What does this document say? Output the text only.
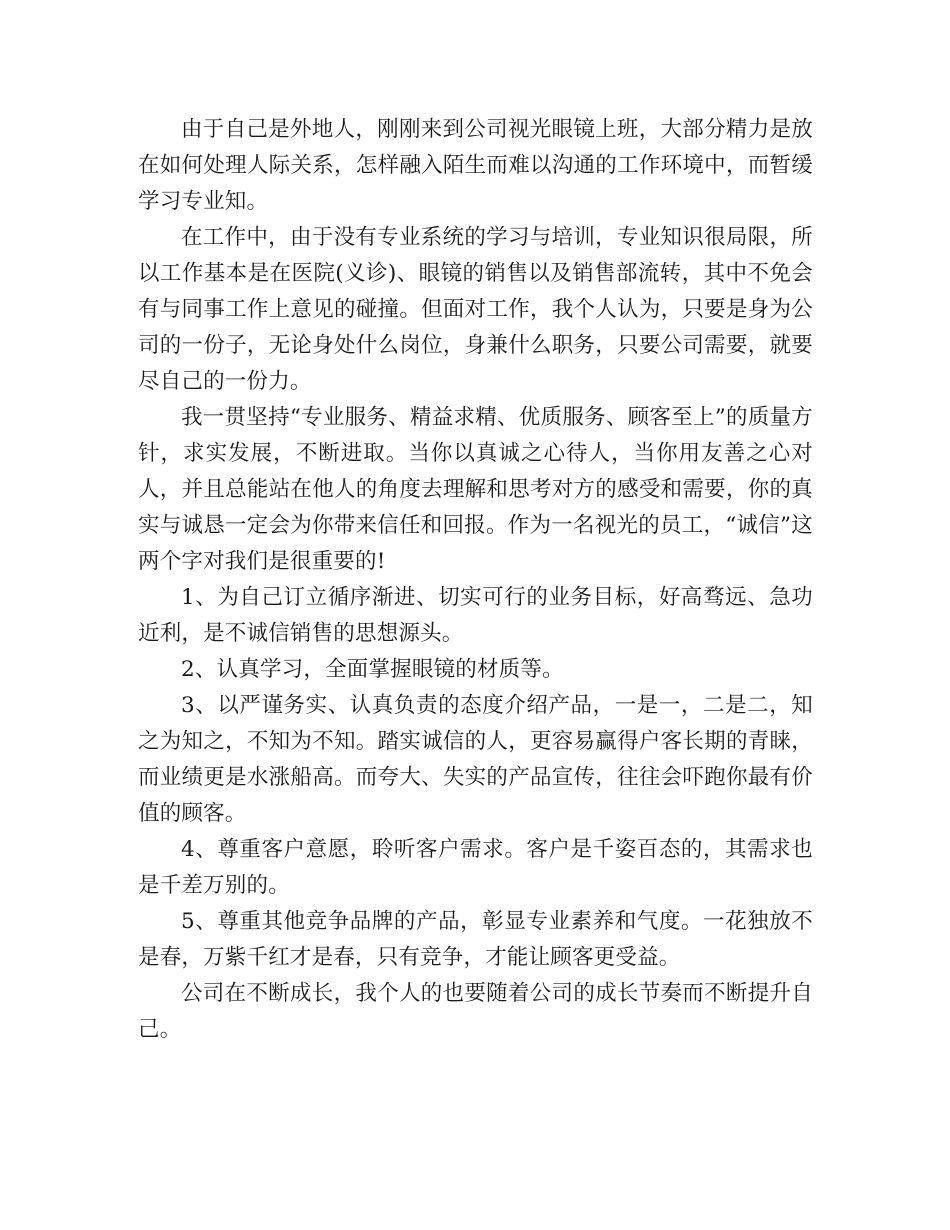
由于自己是外地人，刚刚来到公司视光眼镜上班，大部分精力是放在如何处理人际关系，怎样融入陌生而难以沟通的工作环境中，而暂缓学习专业知。

在工作中，由于没有专业系统的学习与培训，专业知识很局限，所以工作基本是在医院(义诊)、眼镜的销售以及销售部流转，其中不免会有与同事工作上意见的碰撞。但面对工作，我个人认为，只要是身为公司的一份子，无论身处什么岗位，身兼什么职务，只要公司需要，就要尽自己的一份力。

我一贯坚持“专业服务、精益求精、优质服务、顾客至上”的质量方针，求实发展，不断进取。当你以真诚之心待人，当你用友善之心对人，并且总能站在他人的角度去理解和思考对方的感受和需要，你的真实与诚恳一定会为你带来信任和回报。作为一名视光的员工，“诚信”这两个字对我们是很重要的!

1、为自己订立循序渐进、切实可行的业务目标，好高骛远、急功近利，是不诚信销售的思想源头。

2、认真学习，全面掌握眼镜的材质等。

3、以严谨务实、认真负责的态度介绍产品，一是一，二是二，知之为知之，不知为不知。踏实诚信的人，更容易赢得户客长期的青睐，而业绩更是水涨船高。而夸大、失实的产品宣传，往往会吓跑你最有价值的顾客。

4、尊重客户意愿，聆听客户需求。客户是千姿百态的，其需求也是千差万别的。

5、尊重其他竞争品牌的产品，彰显专业素养和气度。一花独放不是春，万紫千红才是春，只有竞争，才能让顾客更受益。

公司在不断成长，我个人的也要随着公司的成长节奏而不断提升自己。
